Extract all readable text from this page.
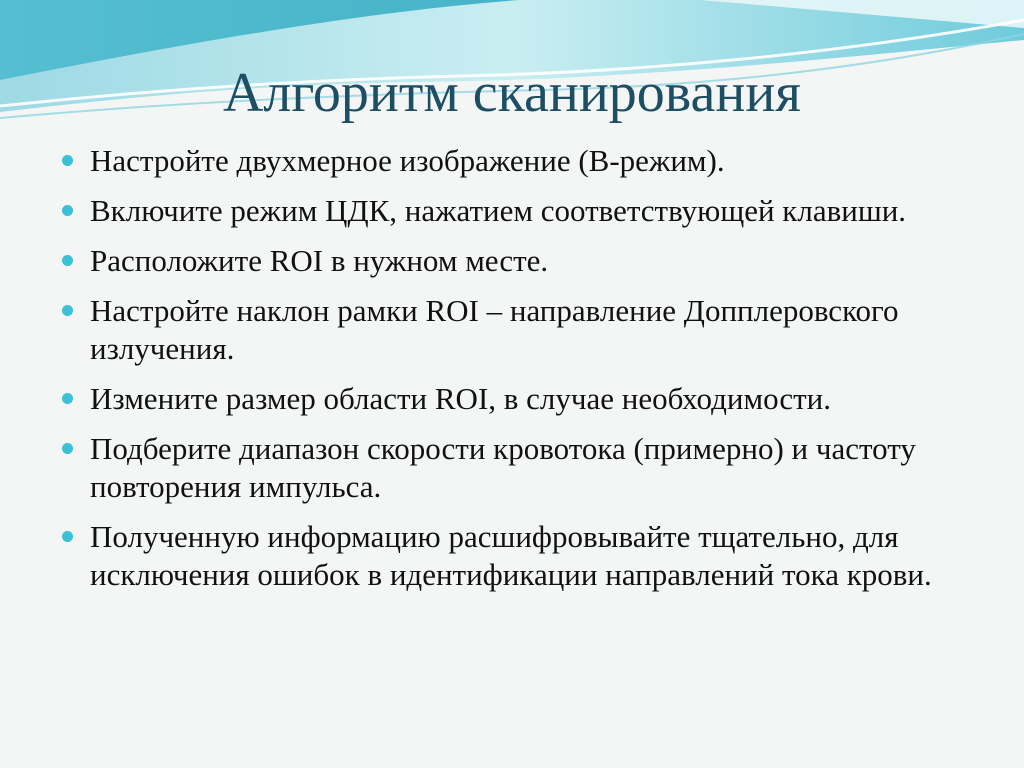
Алгоритм сканирования
Настройте двухмерное изображение (B-режим).
Включите режим ЦДК, нажатием соответствующей клавиши.
Расположите ROI в нужном месте.
Настройте наклон рамки ROI – направление Допплеровского излучения.
Измените размер области ROI, в случае необходимости.
Подберите диапазон скорости кровотока (примерно) и частоту повторения импульса.
Полученную информацию расшифровывайте тщательно, для исключения ошибок в идентификации направлений тока крови.
